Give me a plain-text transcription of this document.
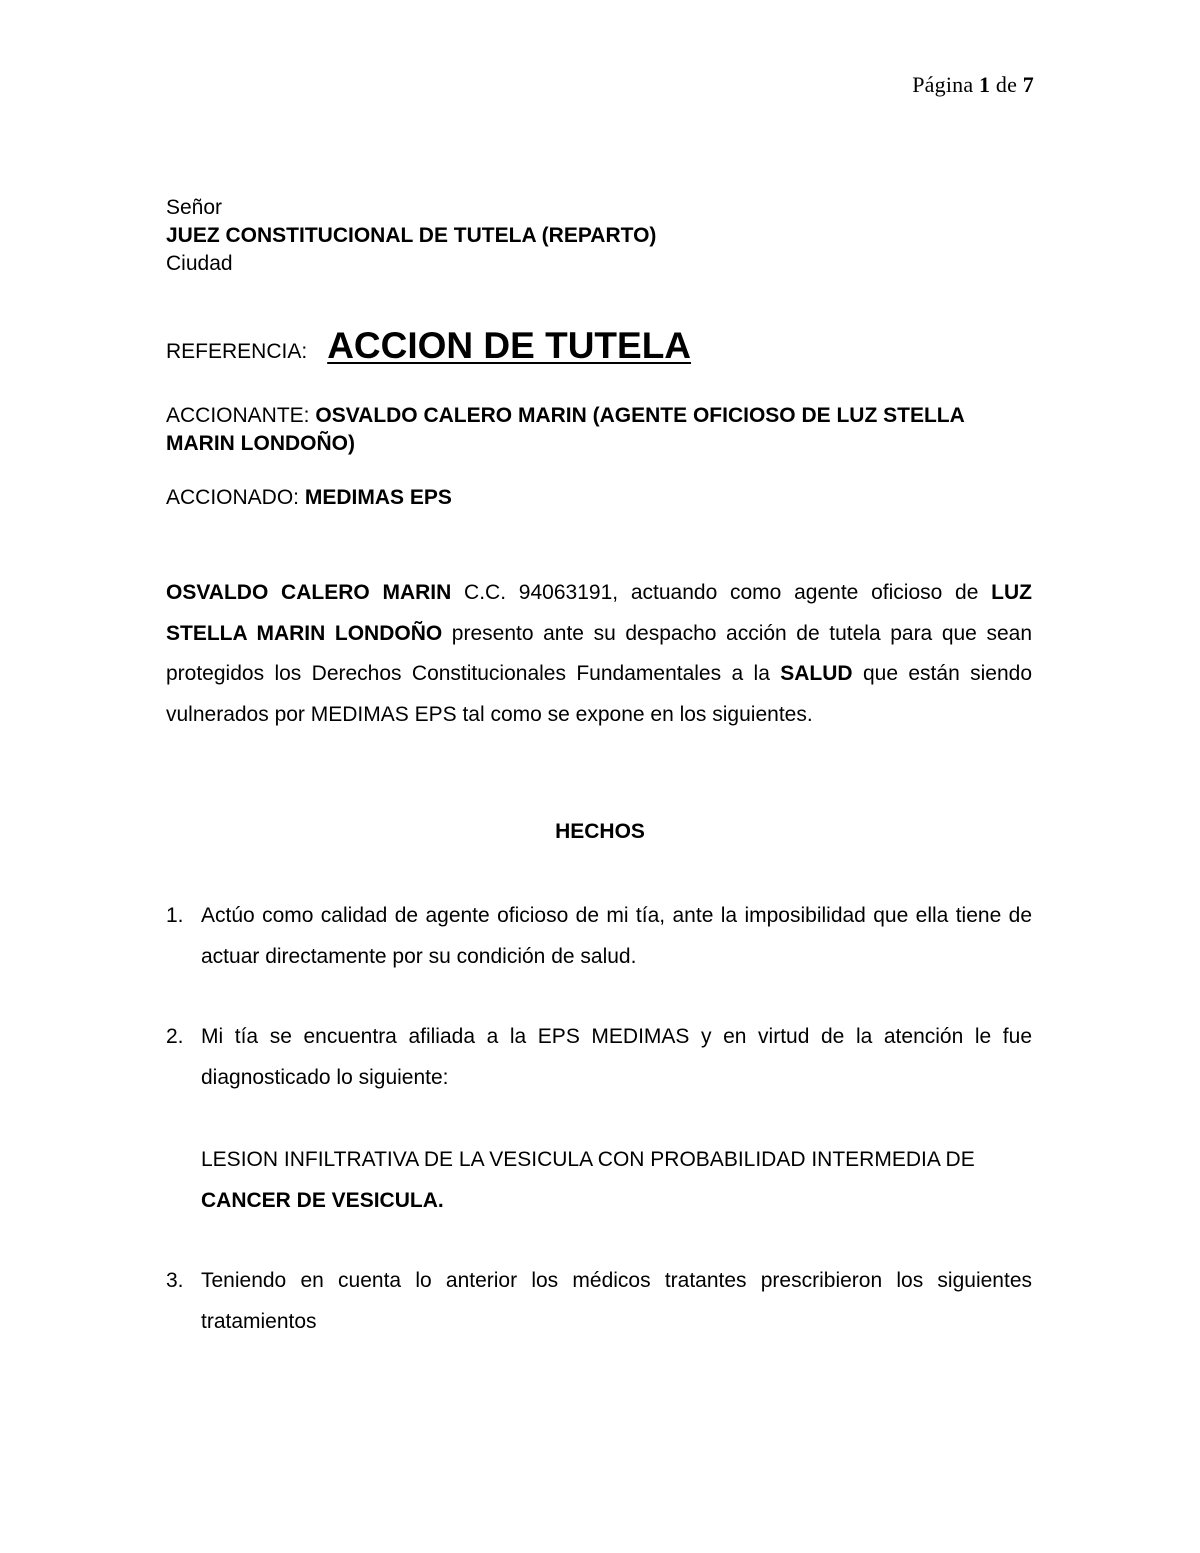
Página 1 de 7
Señor
JUEZ CONSTITUCIONAL DE TUTELA (REPARTO)
Ciudad
REFERENCIA: ACCION DE TUTELA
ACCIONANTE: OSVALDO CALERO MARIN (AGENTE OFICIOSO DE LUZ STELLA MARIN LONDOÑO)
ACCIONADO: MEDIMAS EPS
OSVALDO CALERO MARIN C.C. 94063191, actuando como agente oficioso de LUZ STELLA MARIN LONDOÑO presento ante su despacho acción de tutela para que sean protegidos los Derechos Constitucionales Fundamentales a la SALUD que están siendo vulnerados por MEDIMAS EPS tal como se expone en los siguientes.
HECHOS
1. Actúo como calidad de agente oficioso de mi tía, ante la imposibilidad que ella tiene de actuar directamente por su condición de salud.
2. Mi tía se encuentra afiliada a la EPS MEDIMAS y en virtud de la atención le fue diagnosticado lo siguiente:
LESION INFILTRATIVA DE LA VESICULA CON PROBABILIDAD INTERMEDIA DE CANCER DE VESICULA.
3. Teniendo en cuenta lo anterior los médicos tratantes prescribieron los siguientes tratamientos
